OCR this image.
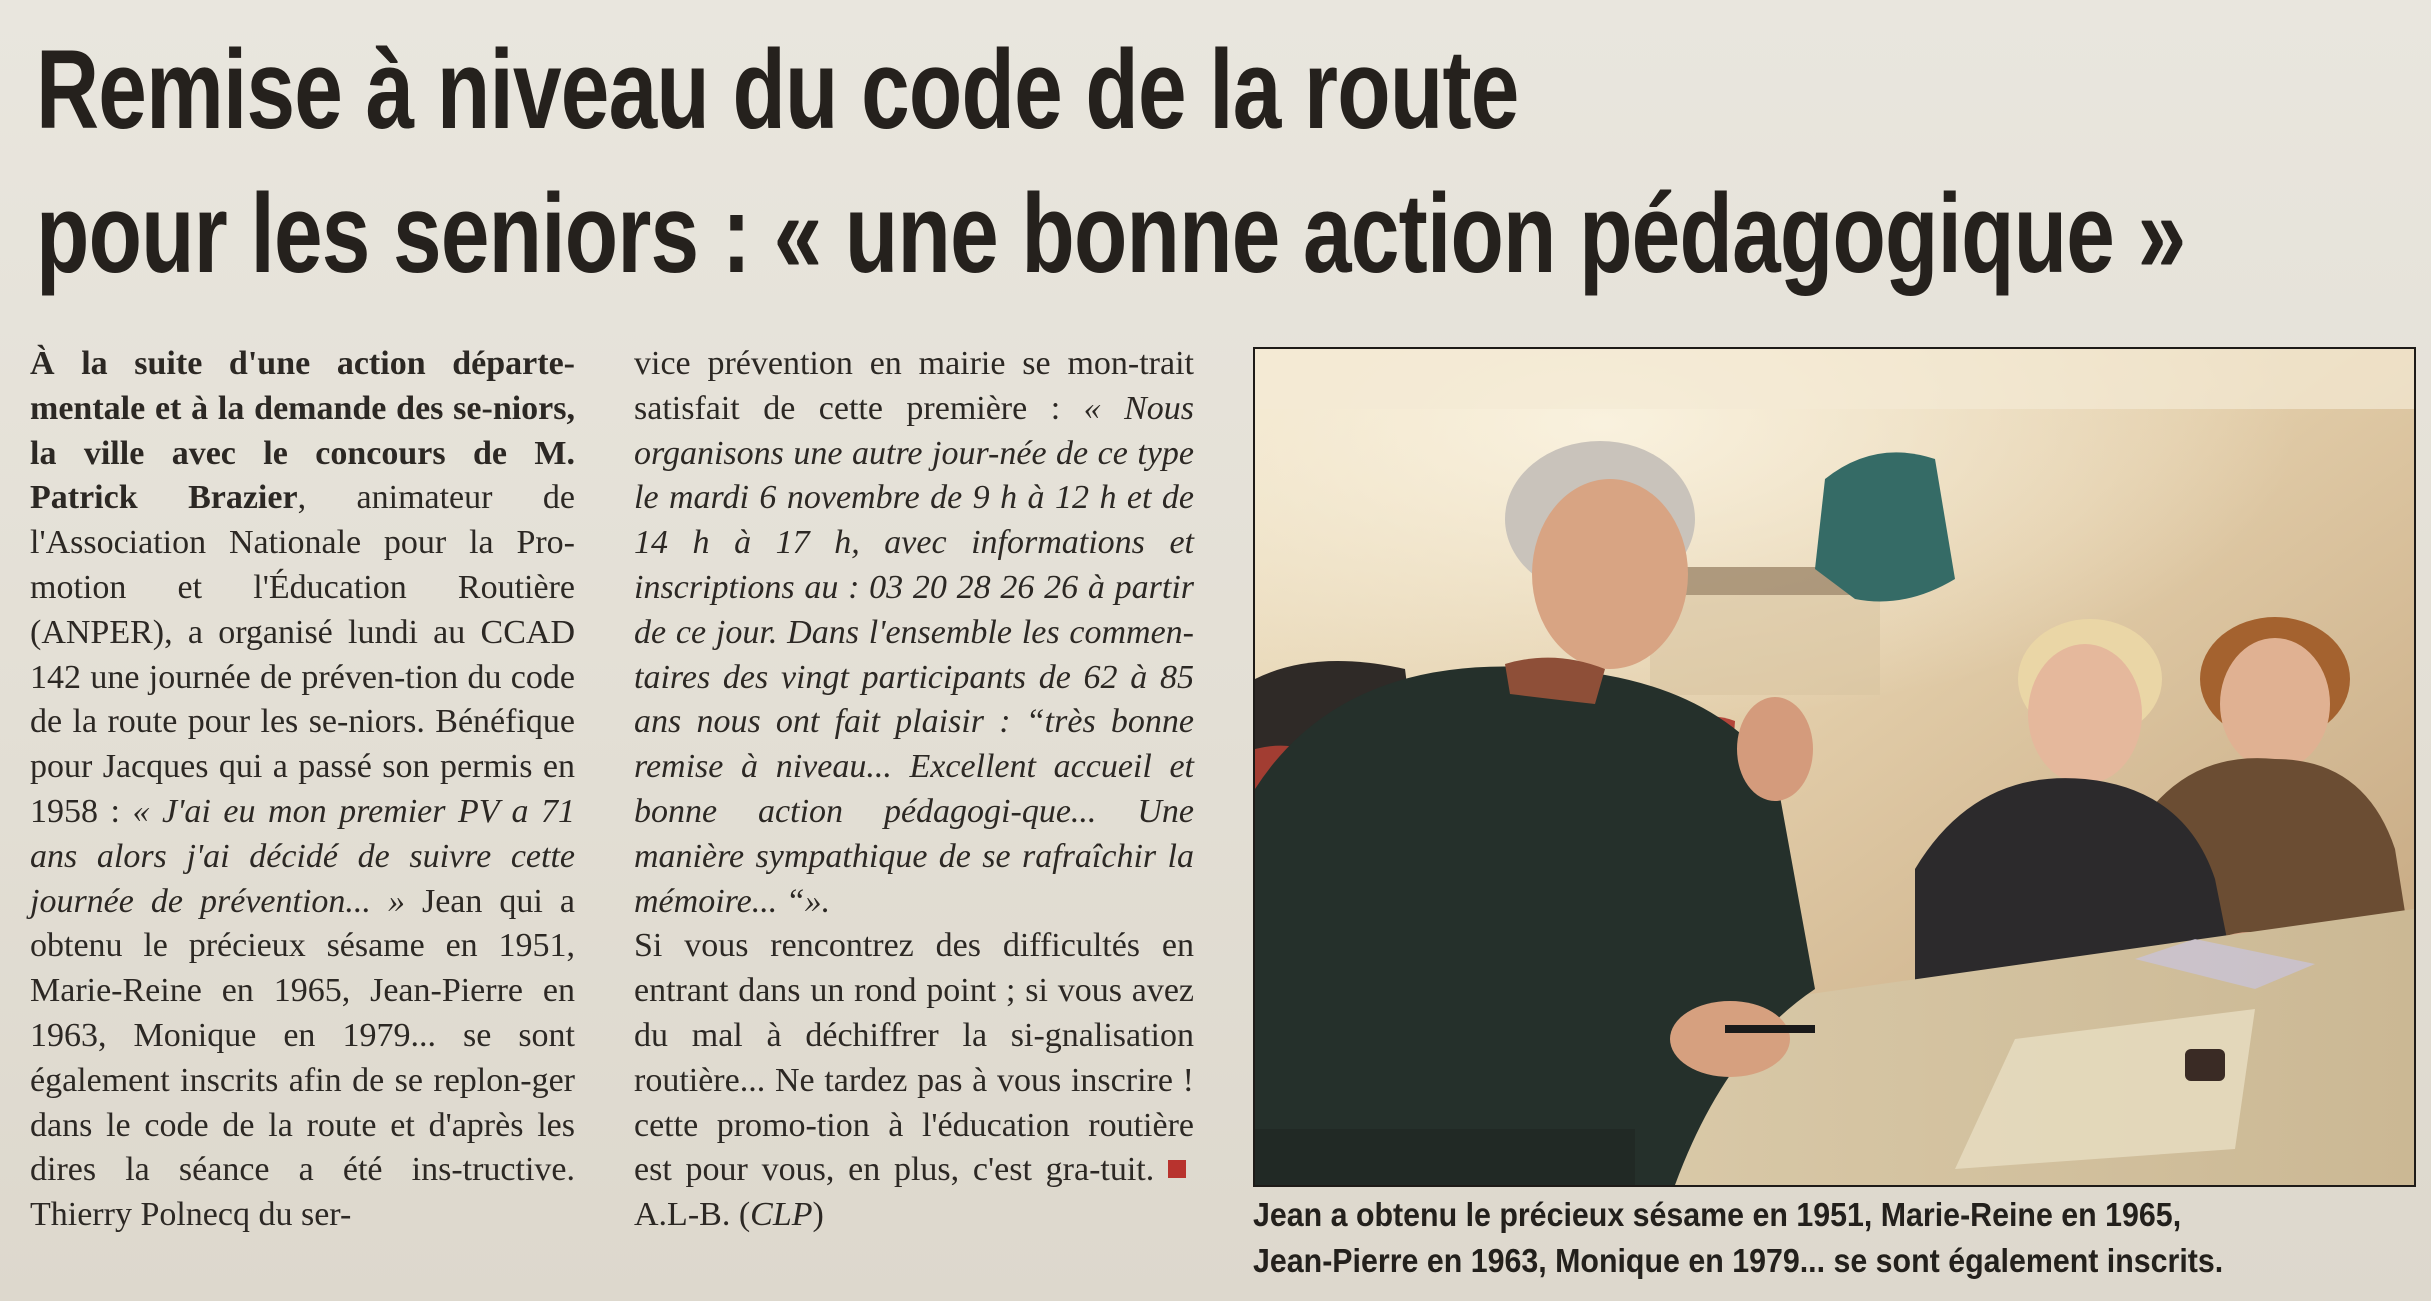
Remise à niveau du code de la route
pour les seniors : « une bonne action pédagogique »
À la suite d'une action départe-mentale et à la demande des se-niors, la ville avec le concours de M. Patrick Brazier, animateur de l'Association Nationale pour la Pro-motion et l'Éducation Routière (ANPER), a organisé lundi au CCAD 142 une journée de préven-tion du code de la route pour les se-niors. Bénéfique pour Jacques qui a passé son permis en 1958 : « J'ai eu mon premier PV a 71 ans alors j'ai décidé de suivre cette journée de prévention... » Jean qui a obtenu le précieux sésame en 1951, Marie-Reine en 1965, Jean-Pierre en 1963, Monique en 1979... se sont également inscrits afin de se replon-ger dans le code de la route et d'après les dires la séance a été ins-tructive. Thierry Polnecq du ser-
vice prévention en mairie se mon-trait satisfait de cette première : « Nous organisons une autre jour-née de ce type le mardi 6 novembre de 9 h à 12 h et de 14 h à 17 h, avec informations et inscriptions au : 03 20 28 26 26 à partir de ce jour. Dans l'ensemble les commen-taires des vingt participants de 62 à 85 ans nous ont fait plaisir : “très bonne remise à niveau... Excellent accueil et bonne action pédagogi-que... Une manière sympathique de se rafraîchir la mémoire... “».
Si vous rencontrez des difficultés en entrant dans un rond point ; si vous avez du mal à déchiffrer la si-gnalisation routière... Ne tardez pas à vous inscrire ! cette promo-tion à l'éducation routière est pour vous, en plus, c'est gra-tuit. A.L-B. (CLP)	Jean a obtenu le précieux sésame en 1951, Marie-Reine en 1965,
Jean-Pierre en 1963, Monique en 1979... se sont également inscrits.
